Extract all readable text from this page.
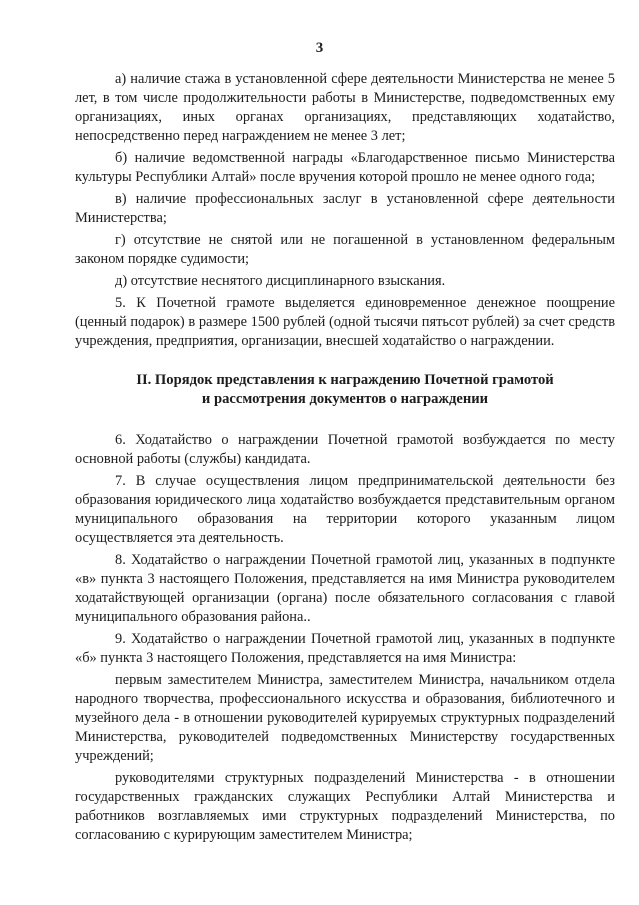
3

а) наличие стажа в установленной сфере деятельности Министерства не менее 5 лет, в том числе продолжительности работы в Министерстве, подведомственных ему организациях, иных органах организациях, представляющих ходатайство, непосредственно перед награждением не менее 3 лет;

б) наличие ведомственной награды «Благодарственное письмо Министерства культуры Республики Алтай» после вручения которой прошло не менее одного года;

в) наличие профессиональных заслуг в установленной сфере деятельности Министерства;

г) отсутствие не снятой или не погашенной в установленном федеральным законом порядке судимости;

д) отсутствие неснятого дисциплинарного взыскания.

5. К Почетной грамоте выделяется единовременное денежное поощрение (ценный подарок) в размере 1500 рублей (одной тысячи пятьсот рублей) за счет средств учреждения, предприятия, организации, внесшей ходатайство о награждении.

II. Порядок представления к награждению Почетной грамотой
и рассмотрения документов о награждении

6. Ходатайство о награждении Почетной грамотой возбуждается по месту основной работы (службы) кандидата.

7. В случае осуществления лицом предпринимательской деятельности без образования юридического лица ходатайство возбуждается представительным органом муниципального образования на территории которого указанным лицом осуществляется эта деятельность.

8. Ходатайство о награждении Почетной грамотой лиц, указанных в подпункте «в» пункта 3 настоящего Положения, представляется на имя Министра руководителем ходатайствующей организации (органа) после обязательного согласования с главой муниципального образования района..

9. Ходатайство о награждении Почетной грамотой лиц, указанных в подпункте «б» пункта 3 настоящего Положения, представляется на имя Министра:

первым заместителем Министра, заместителем Министра, начальником отдела народного творчества, профессионального искусства и образования, библиотечного и музейного дела - в отношении руководителей курируемых структурных подразделений Министерства, руководителей подведомственных Министерству государственных учреждений;

руководителями структурных подразделений Министерства - в отношении государственных гражданских служащих Республики Алтай Министерства и работников возглавляемых ими структурных подразделений Министерства, по согласованию с курирующим заместителем Министра;
